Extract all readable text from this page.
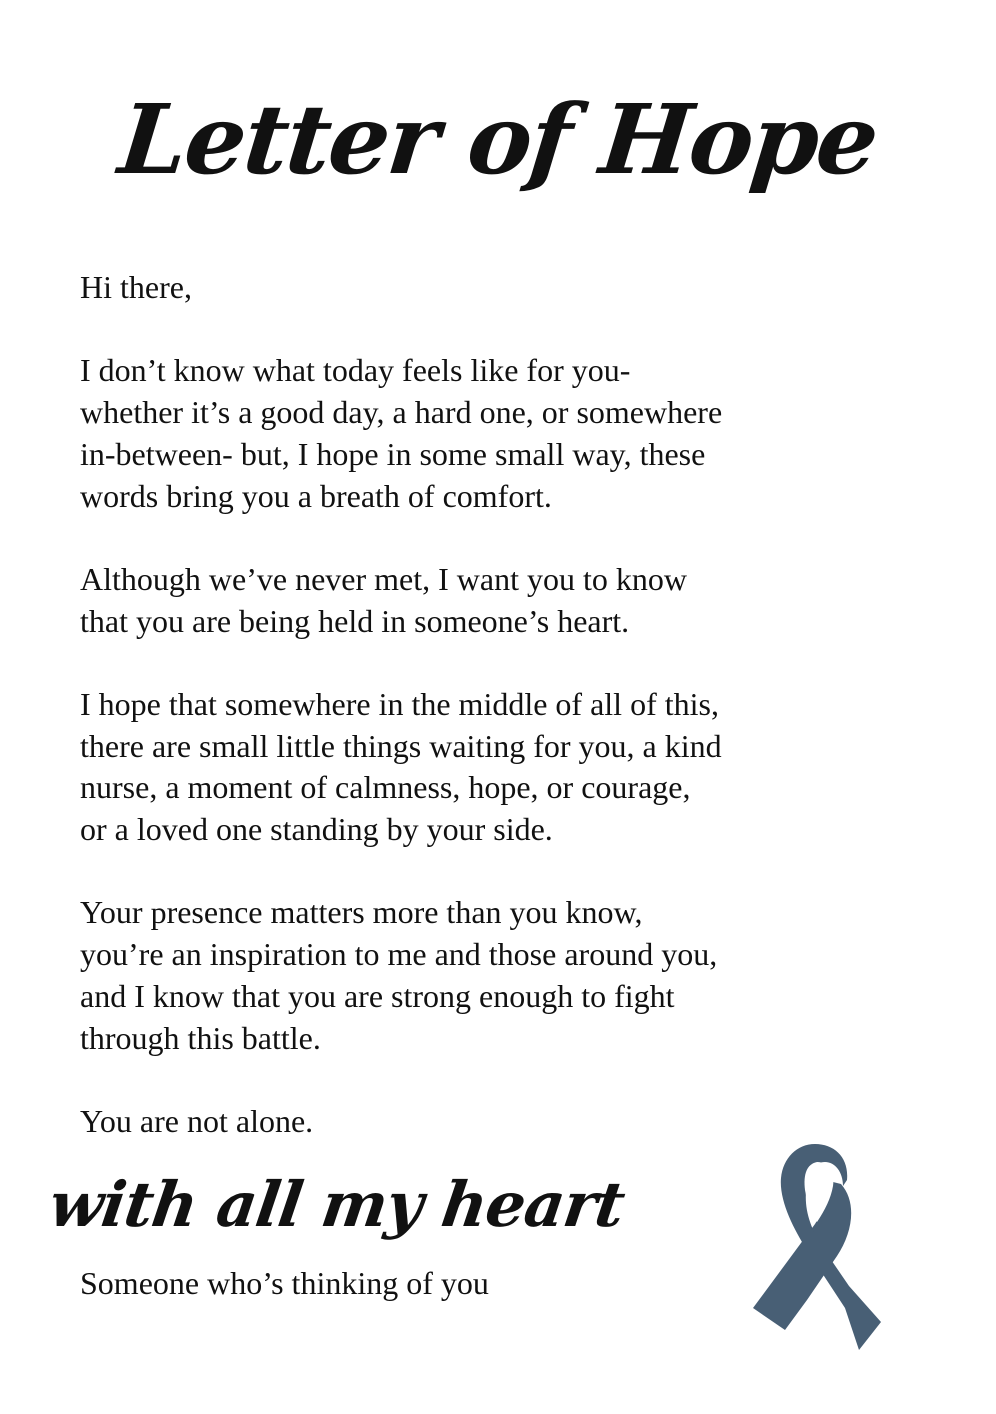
Letter of Hope

Hi there,

I don’t know what today feels like for you-
whether it’s a good day, a hard one, or somewhere
in-between- but, I hope in some small way, these
words bring you a breath of comfort.

Although we’ve never met, I want you to know
that you are being held in someone’s heart.

I hope that somewhere in the middle of all of this,
there are small little things waiting for you, a kind
nurse, a moment of calmness, hope, or courage,
or a loved one standing by your side.

Your presence matters more than you know,
you’re an inspiration to me and those around you,
and I know that you are strong enough to fight
through this battle.

You are not alone.

with all my heart
Someone who’s thinking of you
